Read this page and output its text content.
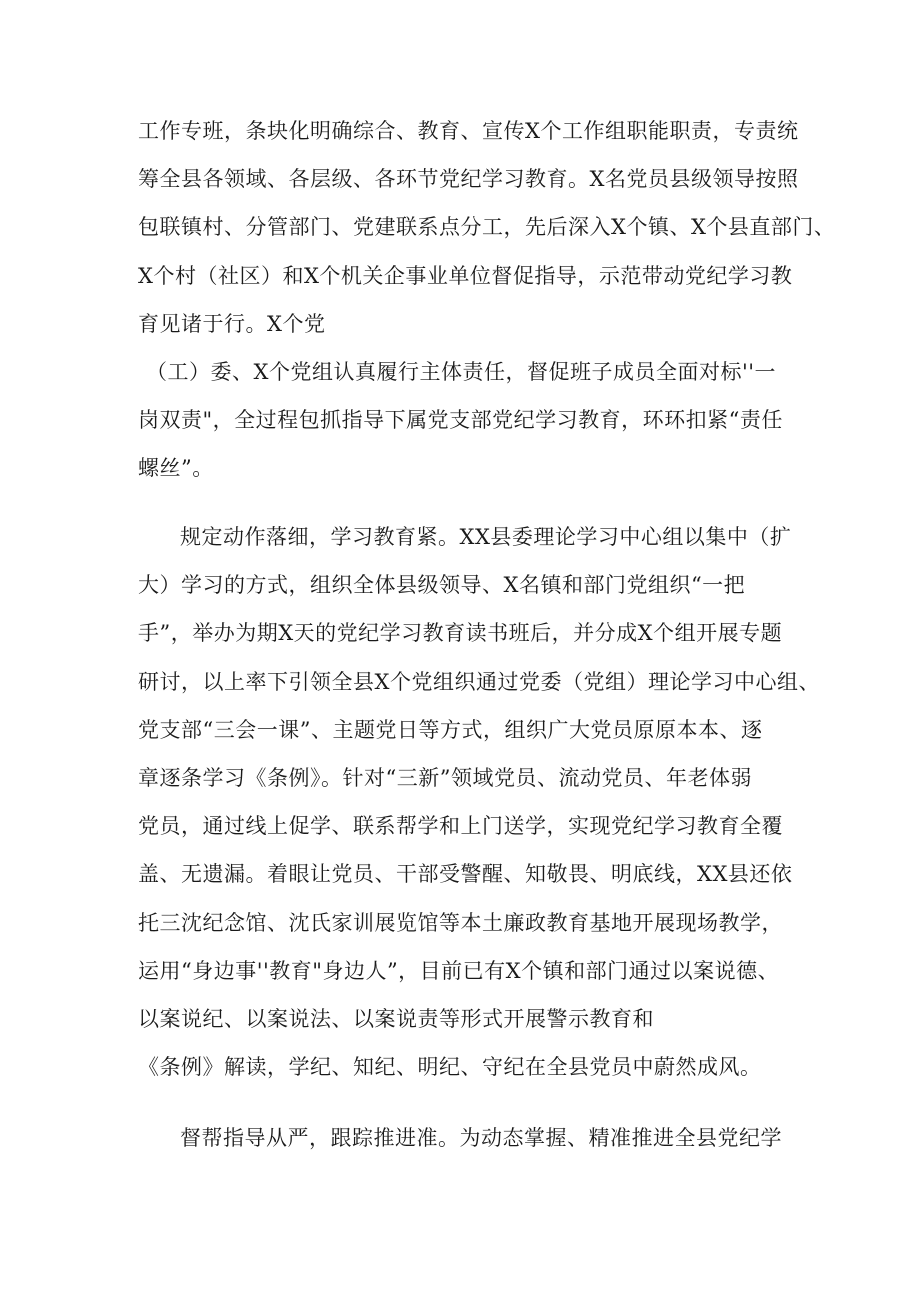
工作专班，条块化明确综合、教育、宣传X个工作组职能职责，专责统
筹全县各领域、各层级、各环节党纪学习教育。X名党员县级领导按照
包联镇村、分管部门、党建联系点分工，先后深入X个镇、X个县直部门、
X个村（社区）和X个机关企事业单位督促指导，示范带动党纪学习教
育见诸于行。X个党
（工）委、X个党组认真履行主体责任，督促班子成员全面对标''一
岗双责"，全过程包抓指导下属党支部党纪学习教育，环环扣紧“责任
螺丝”。
规定动作落细，学习教育紧。XX县委理论学习中心组以集中（扩
大）学习的方式，组织全体县级领导、X名镇和部门党组织“一把
手”，举办为期X天的党纪学习教育读书班后，并分成X个组开展专题
研讨，以上率下引领全县X个党组织通过党委（党组）理论学习中心组、
党支部“三会一课”、主题党日等方式，组织广大党员原原本本、逐
章逐条学习《条例》。针对“三新”领域党员、流动党员、年老体弱
党员，通过线上促学、联系帮学和上门送学，实现党纪学习教育全覆
盖、无遗漏。着眼让党员、干部受警醒、知敬畏、明底线，XX县还依
托三沈纪念馆、沈氏家训展览馆等本土廉政教育基地开展现场教学，
运用“身边事''教育"身边人”，目前已有X个镇和部门通过以案说德、
以案说纪、以案说法、以案说责等形式开展警示教育和
《条例》解读，学纪、知纪、明纪、守纪在全县党员中蔚然成风。
督帮指导从严，跟踪推进准。为动态掌握、精准推进全县党纪学
